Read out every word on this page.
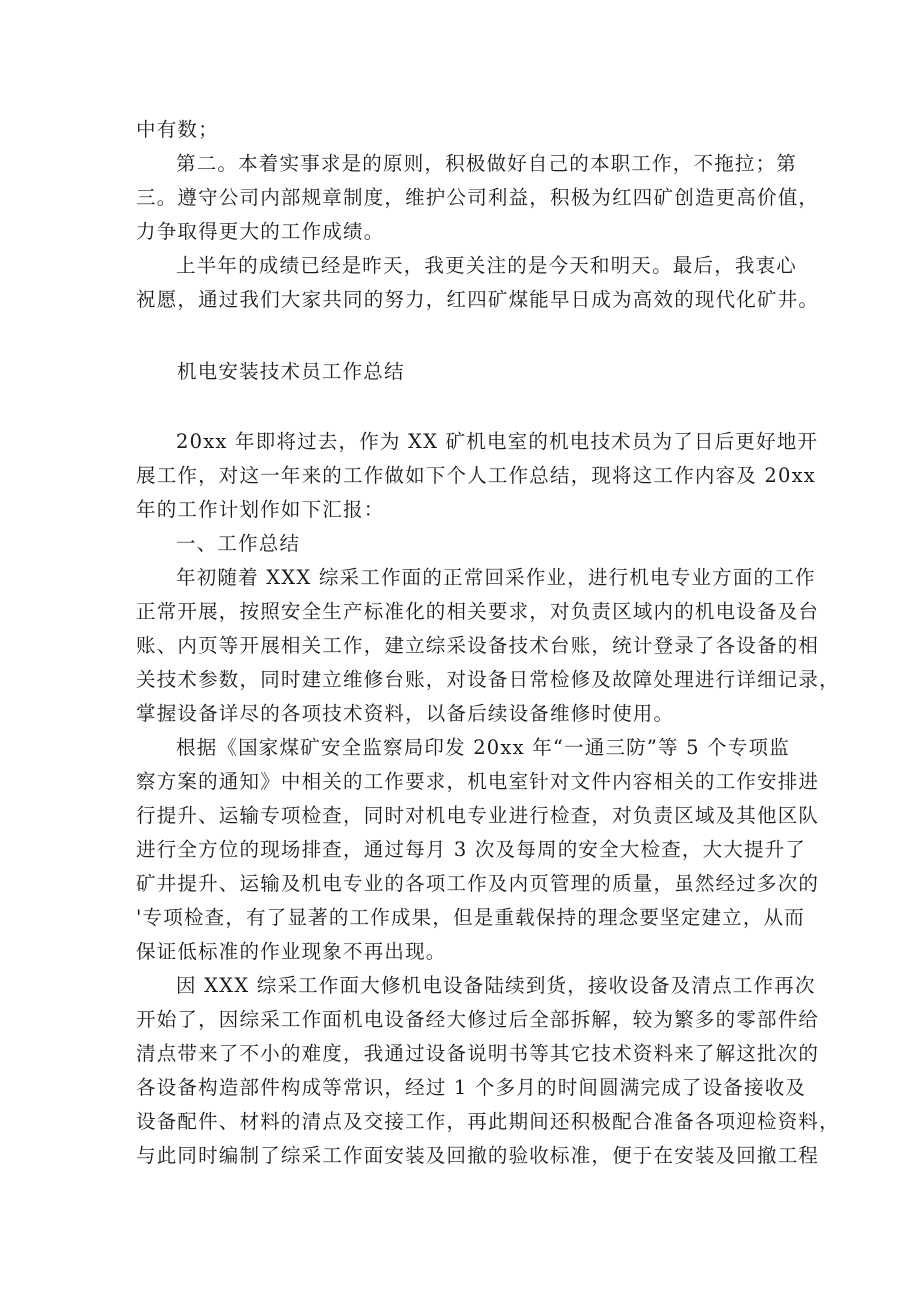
中有数；
第二。本着实事求是的原则，积极做好自己的本职工作，不拖拉；第
三。遵守公司内部规章制度，维护公司利益，积极为红四矿创造更高价值，
力争取得更大的工作成绩。
上半年的成绩已经是昨天，我更关注的是今天和明天。最后，我衷心
祝愿，通过我们大家共同的努力，红四矿煤能早日成为高效的现代化矿井。
机电安装技术员工作总结
20xx 年即将过去，作为 XX 矿机电室的机电技术员为了日后更好地开
展工作，对这一年来的工作做如下个人工作总结，现将这工作内容及 20xx
年的工作计划作如下汇报：
一、工作总结
年初随着 XXX 综采工作面的正常回采作业，进行机电专业方面的工作
正常开展，按照安全生产标准化的相关要求，对负责区域内的机电设备及台
账、内页等开展相关工作，建立综采设备技术台账，统计登录了各设备的相
关技术参数，同时建立维修台账，对设备日常检修及故障处理进行详细记录，
掌握设备详尽的各项技术资料，以备后续设备维修时使用。
根据《国家煤矿安全监察局印发 20xx 年“一通三防”等 5 个专项监
察方案的通知》中相关的工作要求，机电室针对文件内容相关的工作安排进
行提升、运输专项检查，同时对机电专业进行检查，对负责区域及其他区队
进行全方位的现场排查，通过每月 3 次及每周的安全大检查，大大提升了
矿井提升、运输及机电专业的各项工作及内页管理的质量，虽然经过多次的
'专项检查，有了显著的工作成果，但是重载保持的理念要坚定建立，从而
保证低标准的作业现象不再出现。
因 XXX 综采工作面大修机电设备陆续到货，接收设备及清点工作再次
开始了，因综采工作面机电设备经大修过后全部拆解，较为繁多的零部件给
清点带来了不小的难度，我通过设备说明书等其它技术资料来了解这批次的
各设备构造部件构成等常识，经过 1 个多月的时间圆满完成了设备接收及
设备配件、材料的清点及交接工作，再此期间还积极配合准备各项迎检资料，
与此同时编制了综采工作面安装及回撤的验收标准，便于在安装及回撤工程
